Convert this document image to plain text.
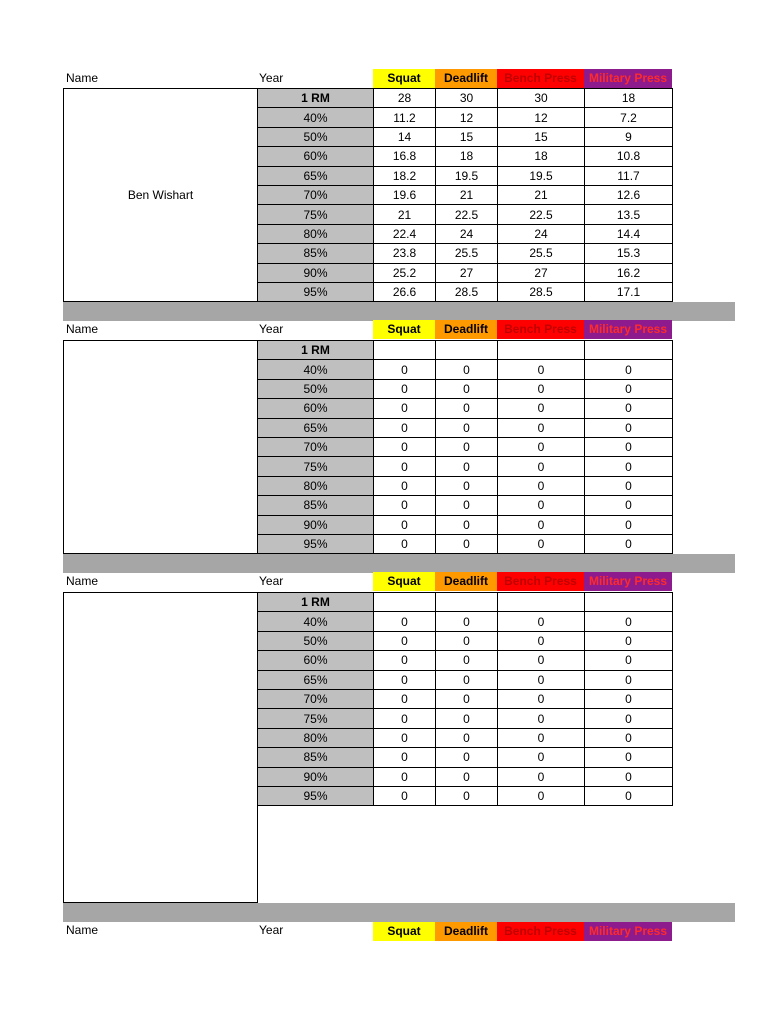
Name	Year	Squat	Deadlift	Bench Press	Military Press
Ben Wishart
1 RM	28	30	30	18
40%	11.2	12	12	7.2
50%	14	15	15	9
60%	16.8	18	18	10.8
65%	18.2	19.5	19.5	11.7
70%	19.6	21	21	12.6
75%	21	22.5	22.5	13.5
80%	22.4	24	24	14.4
85%	23.8	25.5	25.5	15.3
90%	25.2	27	27	16.2
95%	26.6	28.5	28.5	17.1
Name	Year	Squat	Deadlift	Bench Press	Military Press
1 RM				
40%	0	0	0	0
50%	0	0	0	0
60%	0	0	0	0
65%	0	0	0	0
70%	0	0	0	0
75%	0	0	0	0
80%	0	0	0	0
85%	0	0	0	0
90%	0	0	0	0
95%	0	0	0	0
Name	Year	Squat	Deadlift	Bench Press	Military Press
1 RM				
40%	0	0	0	0
50%	0	0	0	0
60%	0	0	0	0
65%	0	0	0	0
70%	0	0	0	0
75%	0	0	0	0
80%	0	0	0	0
85%	0	0	0	0
90%	0	0	0	0
95%	0	0	0	0
Name	Year	Squat	Deadlift	Bench Press	Military Press
